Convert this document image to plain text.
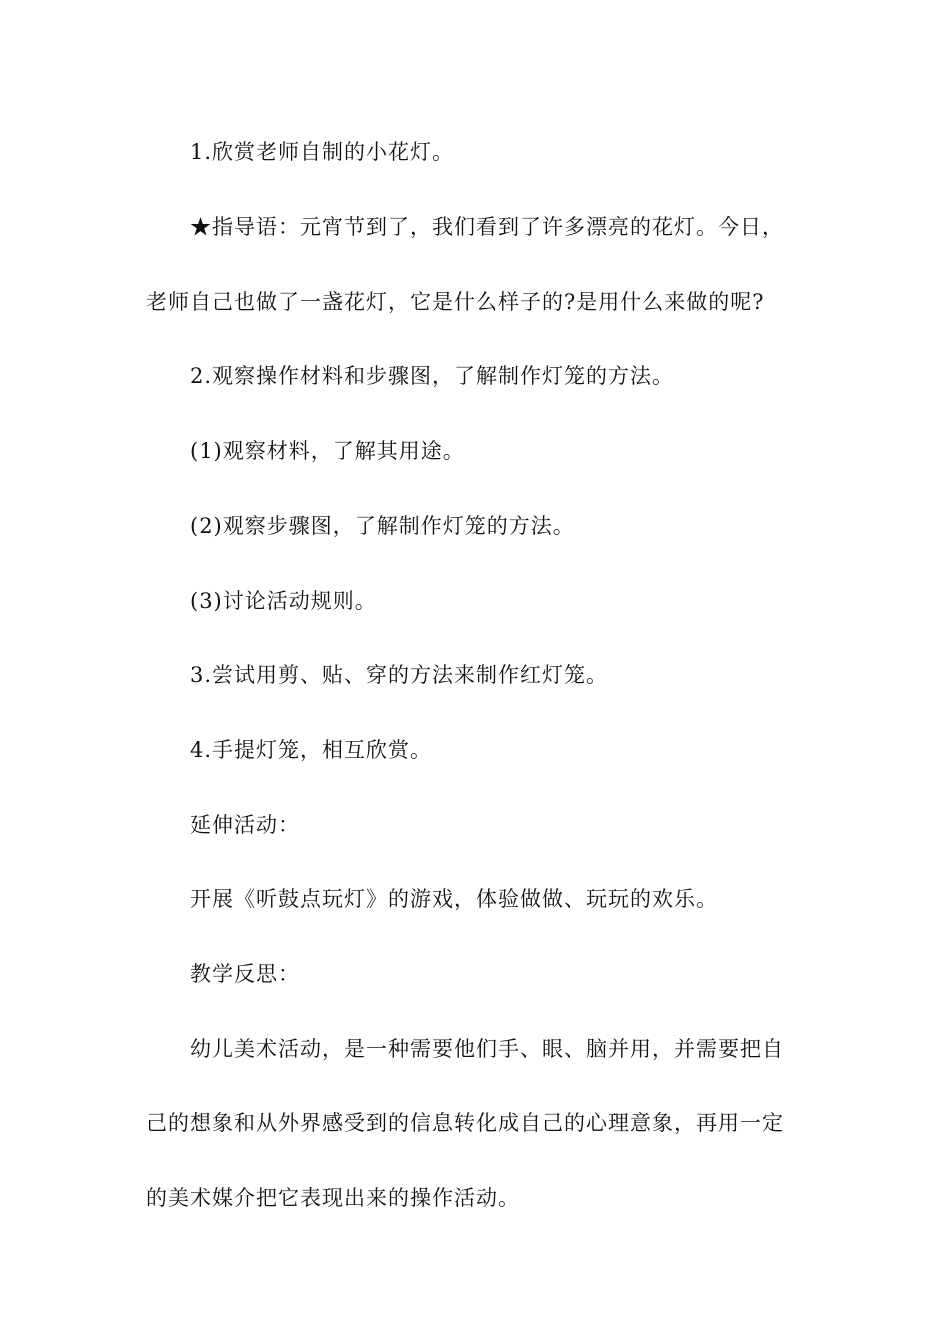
1.欣赏老师自制的小花灯。
★指导语：元宵节到了，我们看到了许多漂亮的花灯。今日，
老师自己也做了一盏花灯，它是什么样子的?是用什么来做的呢?
2.观察操作材料和步骤图，了解制作灯笼的方法。
(1)观察材料，了解其用途。
(2)观察步骤图，了解制作灯笼的方法。
(3)讨论活动规则。
3.尝试用剪、贴、穿的方法来制作红灯笼。
4.手提灯笼，相互欣赏。
延伸活动：
开展《听鼓点玩灯》的游戏，体验做做、玩玩的欢乐。
教学反思：
幼儿美术活动，是一种需要他们手、眼、脑并用，并需要把自
己的想象和从外界感受到的信息转化成自己的心理意象，再用一定
的美术媒介把它表现出来的操作活动。
